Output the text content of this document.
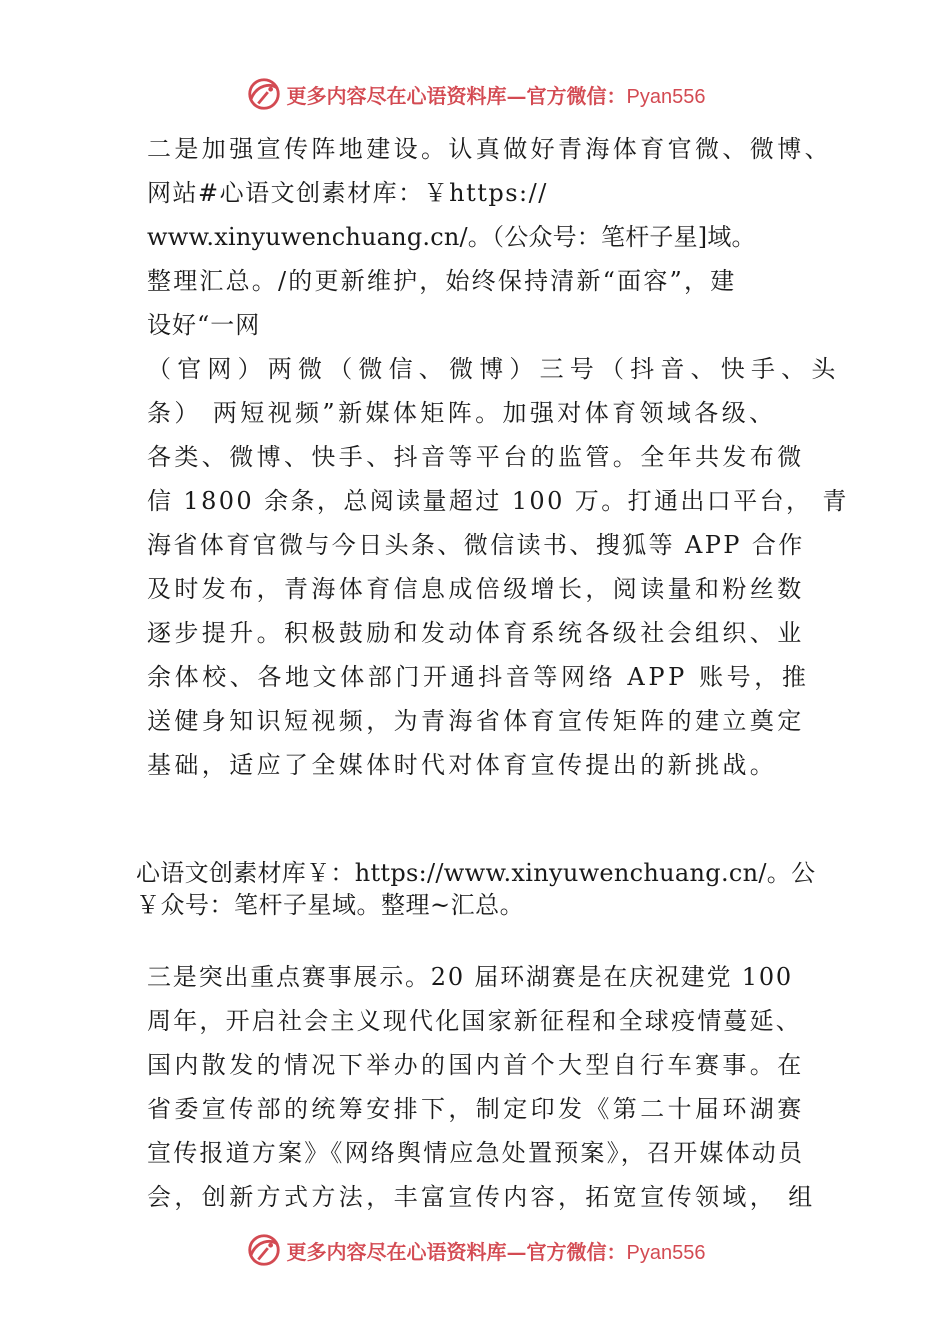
更多内容尽在心语资料库—官方微信：Pyan556
二是加强宣传阵地建设。认真做好青海体育官微、微博、
网站#心语文创素材库：￥https://
www.xinyuwenchuang.cn/。（公众号：笔杆子星]域。
整理汇总。/的更新维护，始终保持清新“面容”，建
设好“一网
（官网）两微（微信、微博）三号（抖音、快手、头
条） 两短视频”新媒体矩阵。加强对体育领域各级、
各类、微博、快手、抖音等平台的监管。全年共发布微
信 1800 余条，总阅读量超过 100 万。打通出口平台， 青
海省体育官微与今日头条、微信读书、搜狐等 APP 合作
及时发布，青海体育信息成倍级增长，阅读量和粉丝数
逐步提升。积极鼓励和发动体育系统各级社会组织、业
余体校、各地文体部门开通抖音等网络 APP 账号，推
送健身知识短视频，为青海省体育宣传矩阵的建立奠定
基础，适应了全媒体时代对体育宣传提出的新挑战。
心语文创素材库￥：https://www.xinyuwenchuang.cn/。公
￥众号：笔杆子星域。整理~汇总。
三是突出重点赛事展示。20 届环湖赛是在庆祝建党 100
周年，开启社会主义现代化国家新征程和全球疫情蔓延、
国内散发的情况下举办的国内首个大型自行车赛事。在
省委宣传部的统筹安排下，制定印发《第二十届环湖赛
宣传报道方案》《网络舆情应急处置预案》，召开媒体动员
会，创新方式方法，丰富宣传内容，拓宽宣传领域， 组
更多内容尽在心语资料库—官方微信：Pyan556
